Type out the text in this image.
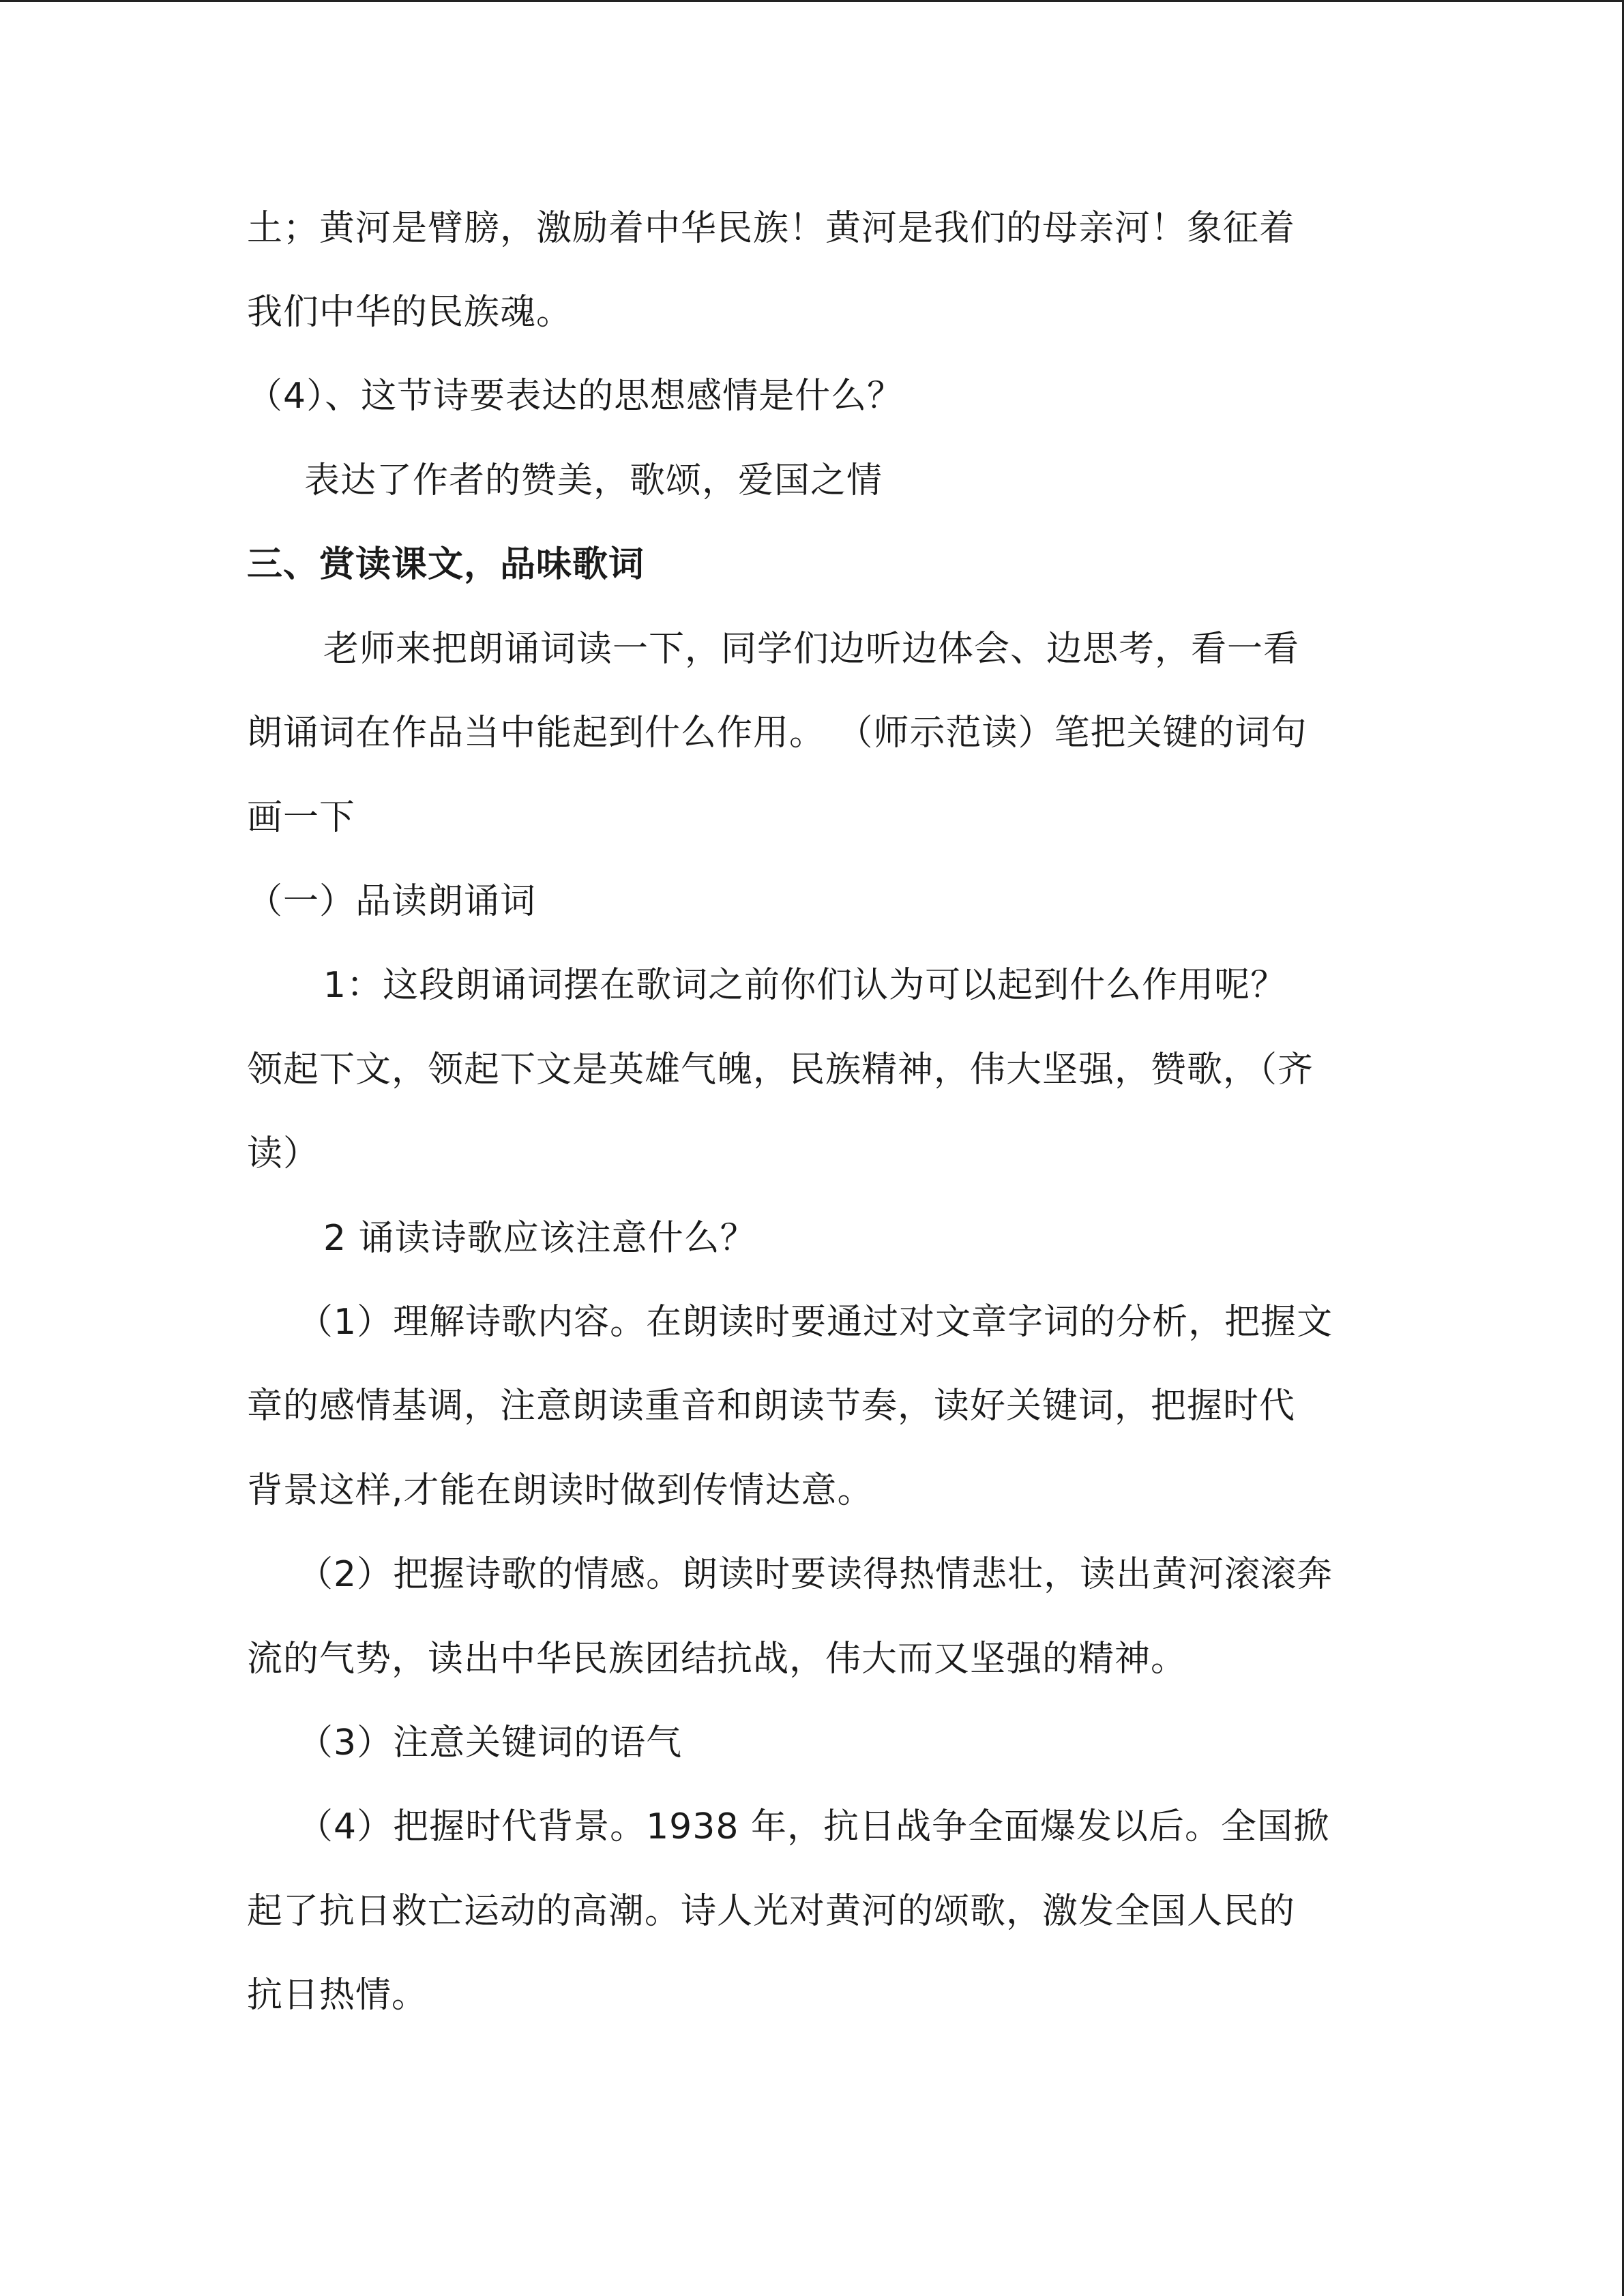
土；黄河是臂膀，激励着中华民族！黄河是我们的母亲河！象征着
我们中华的民族魂。
（4）、这节诗要表达的思想感情是什么？
表达了作者的赞美，歌颂，爱国之情
三、赏读课文，品味歌词
老师来把朗诵词读一下，同学们边听边体会、边思考，看一看
朗诵词在作品当中能起到什么作用。 （师示范读）笔把关键的词句
画一下
（一）品读朗诵词
1：这段朗诵词摆在歌词之前你们认为可以起到什么作用呢？
领起下文，领起下文是英雄气魄，民族精神，伟大坚强，赞歌，（齐
读）
2 诵读诗歌应该注意什么？
（1）理解诗歌内容。在朗读时要通过对文章字词的分析，把握文
章的感情基调，注意朗读重音和朗读节奏，读好关键词，把握时代
背景这样,才能在朗读时做到传情达意。
（2）把握诗歌的情感。朗读时要读得热情悲壮，读出黄河滚滚奔
流的气势，读出中华民族团结抗战，伟大而又坚强的精神。
（3）注意关键词的语气
（4）把握时代背景。1938 年，抗日战争全面爆发以后。全国掀
起了抗日救亡运动的高潮。诗人光对黄河的颂歌，激发全国人民的
抗日热情。
